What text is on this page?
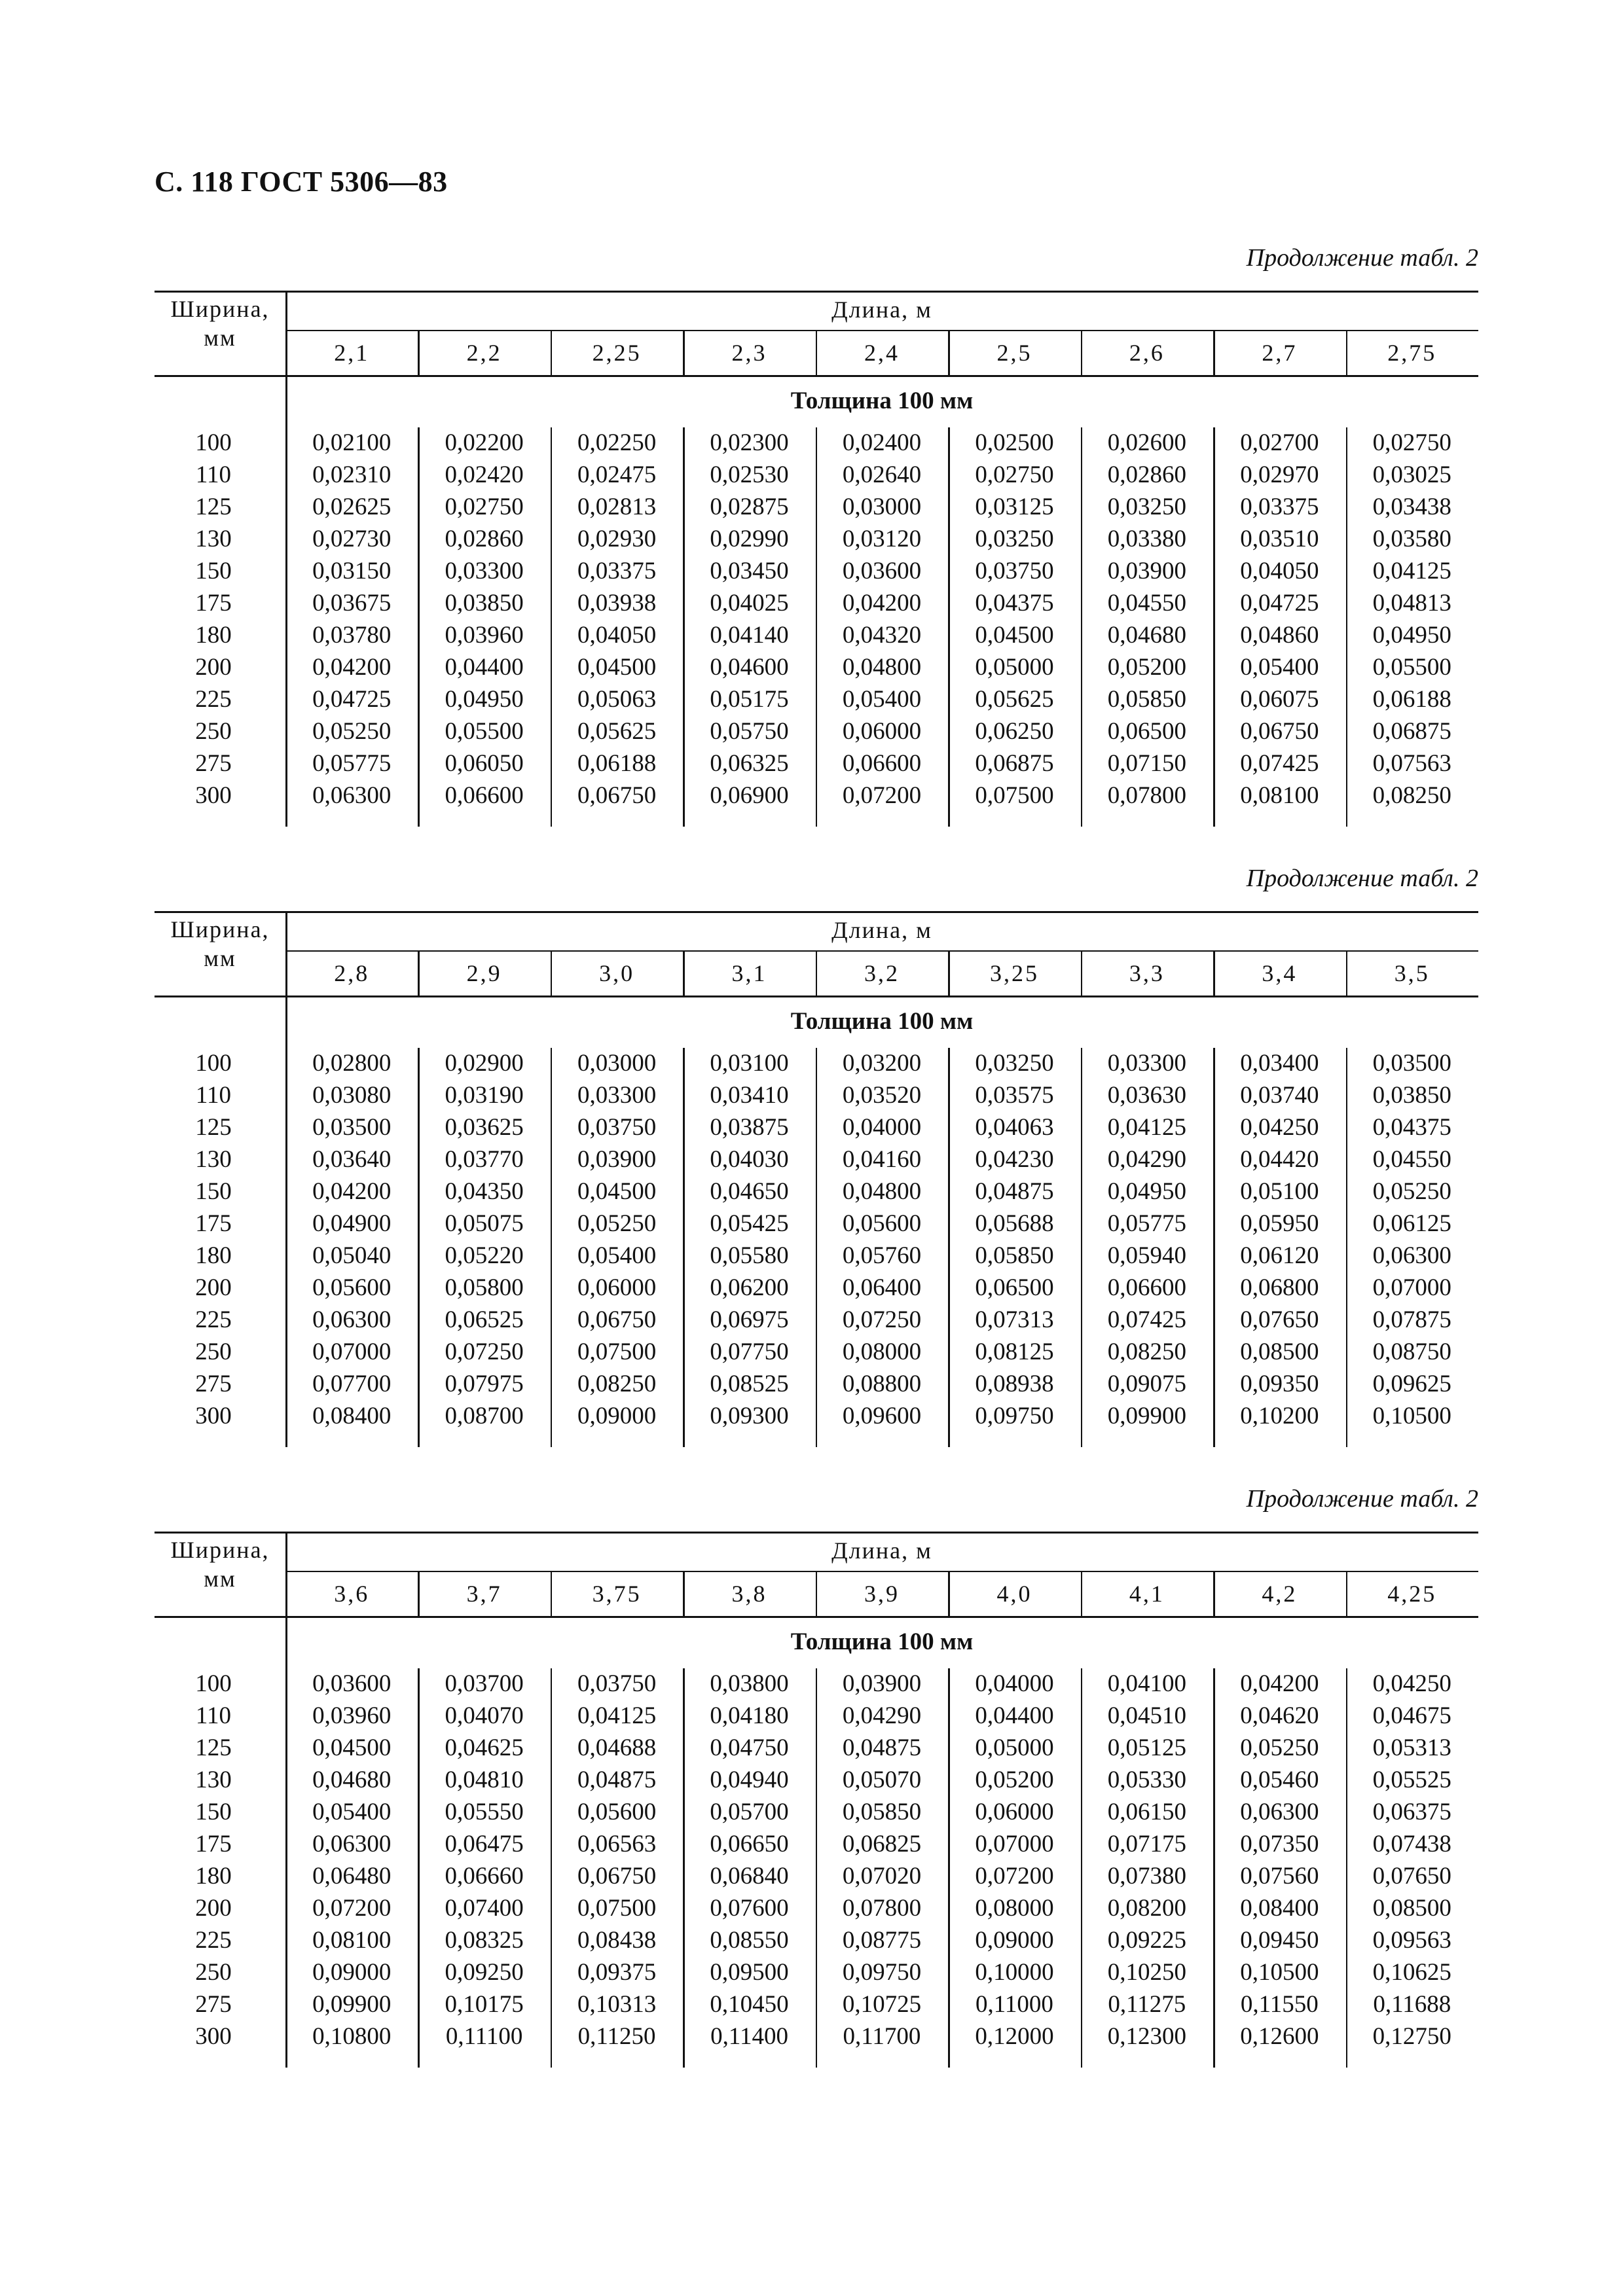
С. 118 ГОСТ 5306—83
Продолжение табл. 2
Ширина,
мм
Длина, м
2,1	2,2	2,25	2,3	2,4	2,5	2,6	2,7	2,75
Толщина 100 мм
100	0,02100	0,02200	0,02250	0,02300	0,02400	0,02500	0,02600	0,02700	0,02750
110	0,02310	0,02420	0,02475	0,02530	0,02640	0,02750	0,02860	0,02970	0,03025
125	0,02625	0,02750	0,02813	0,02875	0,03000	0,03125	0,03250	0,03375	0,03438
130	0,02730	0,02860	0,02930	0,02990	0,03120	0,03250	0,03380	0,03510	0,03580
150	0,03150	0,03300	0,03375	0,03450	0,03600	0,03750	0,03900	0,04050	0,04125
175	0,03675	0,03850	0,03938	0,04025	0,04200	0,04375	0,04550	0,04725	0,04813
180	0,03780	0,03960	0,04050	0,04140	0,04320	0,04500	0,04680	0,04860	0,04950
200	0,04200	0,04400	0,04500	0,04600	0,04800	0,05000	0,05200	0,05400	0,05500
225	0,04725	0,04950	0,05063	0,05175	0,05400	0,05625	0,05850	0,06075	0,06188
250	0,05250	0,05500	0,05625	0,05750	0,06000	0,06250	0,06500	0,06750	0,06875
275	0,05775	0,06050	0,06188	0,06325	0,06600	0,06875	0,07150	0,07425	0,07563
300	0,06300	0,06600	0,06750	0,06900	0,07200	0,07500	0,07800	0,08100	0,08250
Продолжение табл. 2
Ширина,
мм
Длина, м
2,8	2,9	3,0	3,1	3,2	3,25	3,3	3,4	3,5
Толщина 100 мм
100	0,02800	0,02900	0,03000	0,03100	0,03200	0,03250	0,03300	0,03400	0,03500
110	0,03080	0,03190	0,03300	0,03410	0,03520	0,03575	0,03630	0,03740	0,03850
125	0,03500	0,03625	0,03750	0,03875	0,04000	0,04063	0,04125	0,04250	0,04375
130	0,03640	0,03770	0,03900	0,04030	0,04160	0,04230	0,04290	0,04420	0,04550
150	0,04200	0,04350	0,04500	0,04650	0,04800	0,04875	0,04950	0,05100	0,05250
175	0,04900	0,05075	0,05250	0,05425	0,05600	0,05688	0,05775	0,05950	0,06125
180	0,05040	0,05220	0,05400	0,05580	0,05760	0,05850	0,05940	0,06120	0,06300
200	0,05600	0,05800	0,06000	0,06200	0,06400	0,06500	0,06600	0,06800	0,07000
225	0,06300	0,06525	0,06750	0,06975	0,07250	0,07313	0,07425	0,07650	0,07875
250	0,07000	0,07250	0,07500	0,07750	0,08000	0,08125	0,08250	0,08500	0,08750
275	0,07700	0,07975	0,08250	0,08525	0,08800	0,08938	0,09075	0,09350	0,09625
300	0,08400	0,08700	0,09000	0,09300	0,09600	0,09750	0,09900	0,10200	0,10500
Продолжение табл. 2
Ширина,
мм
Длина, м
3,6	3,7	3,75	3,8	3,9	4,0	4,1	4,2	4,25
Толщина 100 мм
100	0,03600	0,03700	0,03750	0,03800	0,03900	0,04000	0,04100	0,04200	0,04250
110	0,03960	0,04070	0,04125	0,04180	0,04290	0,04400	0,04510	0,04620	0,04675
125	0,04500	0,04625	0,04688	0,04750	0,04875	0,05000	0,05125	0,05250	0,05313
130	0,04680	0,04810	0,04875	0,04940	0,05070	0,05200	0,05330	0,05460	0,05525
150	0,05400	0,05550	0,05600	0,05700	0,05850	0,06000	0,06150	0,06300	0,06375
175	0,06300	0,06475	0,06563	0,06650	0,06825	0,07000	0,07175	0,07350	0,07438
180	0,06480	0,06660	0,06750	0,06840	0,07020	0,07200	0,07380	0,07560	0,07650
200	0,07200	0,07400	0,07500	0,07600	0,07800	0,08000	0,08200	0,08400	0,08500
225	0,08100	0,08325	0,08438	0,08550	0,08775	0,09000	0,09225	0,09450	0,09563
250	0,09000	0,09250	0,09375	0,09500	0,09750	0,10000	0,10250	0,10500	0,10625
275	0,09900	0,10175	0,10313	0,10450	0,10725	0,11000	0,11275	0,11550	0,11688
300	0,10800	0,11100	0,11250	0,11400	0,11700	0,12000	0,12300	0,12600	0,12750
